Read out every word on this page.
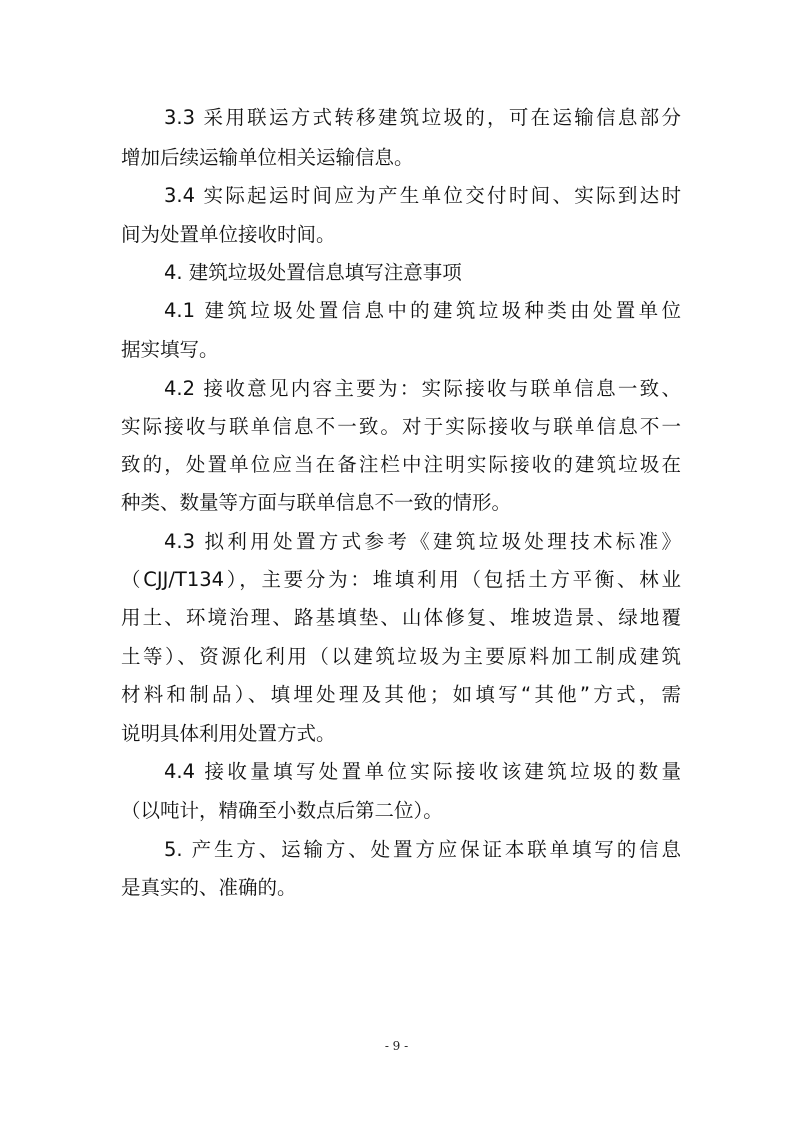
3.3 采用联运方式转移建筑垃圾的，可在运输信息部分
增加后续运输单位相关运输信息。
3.4 实际起运时间应为产生单位交付时间、实际到达时
间为处置单位接收时间。
4. 建筑垃圾处置信息填写注意事项
4.1 建筑垃圾处置信息中的建筑垃圾种类由处置单位
据实填写。
4.2 接收意见内容主要为：实际接收与联单信息一致、
实际接收与联单信息不一致。对于实际接收与联单信息不一
致的，处置单位应当在备注栏中注明实际接收的建筑垃圾在
种类、数量等方面与联单信息不一致的情形。
4.3 拟利用处置方式参考《建筑垃圾处理技术标准》
（CJJ/T134），主要分为：堆填利用（包括土方平衡、林业
用土、环境治理、路基填垫、山体修复、堆坡造景、绿地覆
土等）、资源化利用（以建筑垃圾为主要原料加工制成建筑
材料和制品）、填埋处理及其他；如填写“其他”方式，需
说明具体利用处置方式。
4.4 接收量填写处置单位实际接收该建筑垃圾的数量
（以吨计，精确至小数点后第二位）。
5. 产生方、运输方、处置方应保证本联单填写的信息
是真实的、准确的。
- 9 -
